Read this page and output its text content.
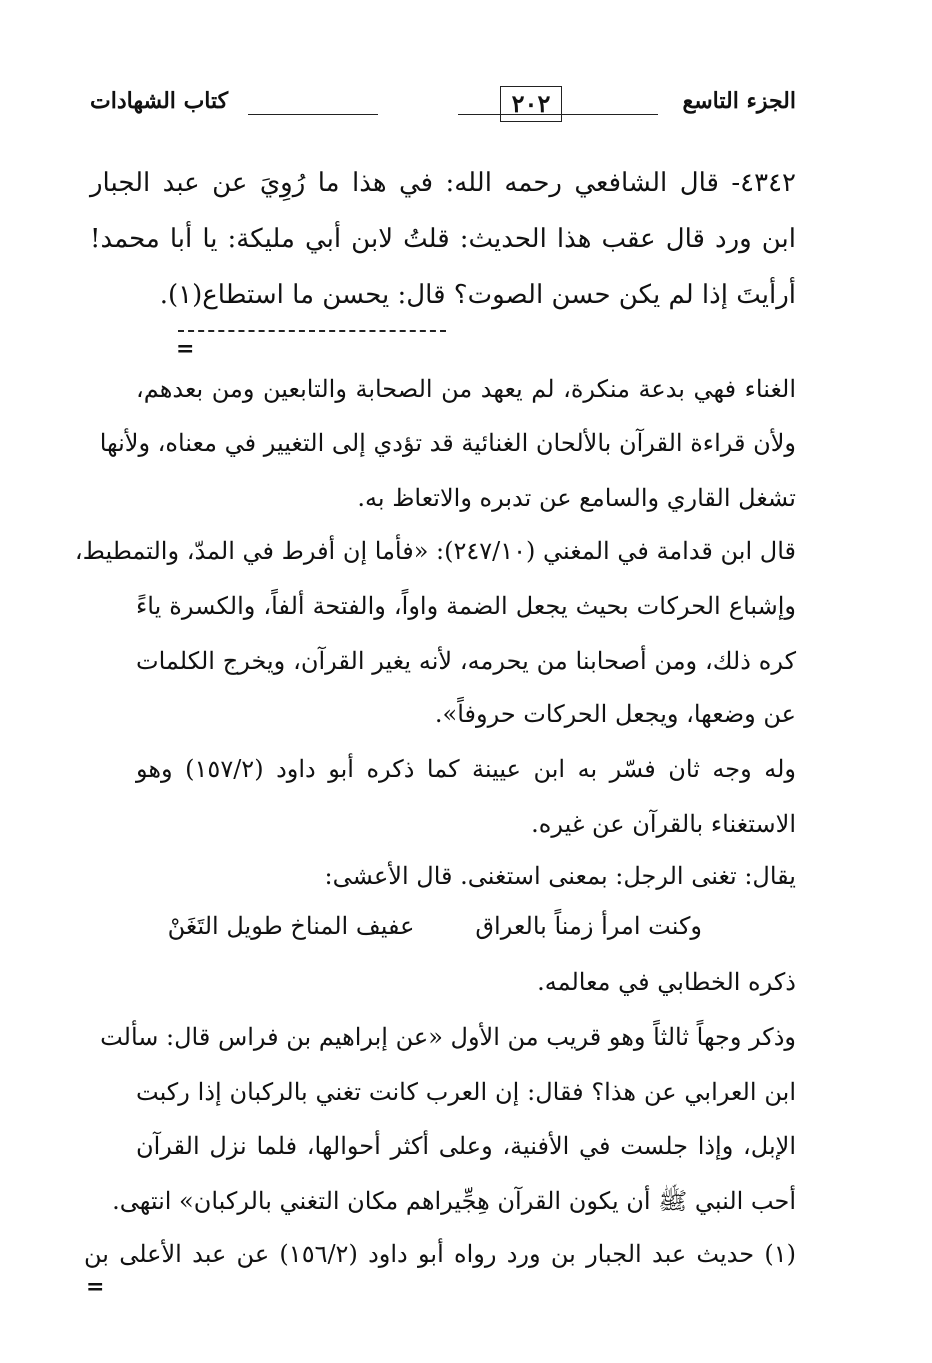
الجزء التاسع
٢٠٢
كتاب الشهادات
٤٣٤٢- قال الشافعي رحمه الله: في هذا ما رُوِيَ عن عبد الجبار
ابن ورد قال عقب هذا الحديث: قلتُ لابن أبي مليكة: يا أبا محمد!
أرأيتَ إذا لم يكن حسن الصوت؟ قال: يحسن ما استطاع(١).
=
الغناء فهي بدعة منكرة، لم يعهد من الصحابة والتابعين ومن بعدهم،
ولأن قراءة القرآن بالألحان الغنائية قد تؤدي إلى التغيير في معناه، ولأنها
تشغل القاري والسامع عن تدبره والاتعاظ به.
قال ابن قدامة في المغني (٢٤٧/١٠): «فأما إن أفرط في المدّ، والتمطيط،
وإشباع الحركات بحيث يجعل الضمة واواً، والفتحة ألفاً، والكسرة ياءً
كره ذلك، ومن أصحابنا من يحرمه، لأنه يغير القرآن، ويخرج الكلمات
عن وضعها، ويجعل الحركات حروفاً».
وله وجه ثان فسّر به ابن عيينة كما ذكره أبو داود (١٥٧/٢) وهو
الاستغناء بالقرآن عن غيره.
يقال: تغنى الرجل: بمعنى استغنى. قال الأعشى:
وكنت امرأ زمناً بالعراق        عفيف المناخ طويل التَغَنْ
ذكره الخطابي في معالمه.
وذكر وجهاً ثالثاً وهو قريب من الأول «عن إبراهيم بن فراس قال: سألت
ابن العرابي عن هذا؟ فقال: إن العرب كانت تغني بالركبان إذا ركبت
الإبل، وإذا جلست في الأفنية، وعلى أكثر أحوالها، فلما نزل القرآن
أحب النبي ﷺ أن يكون القرآن هِجِّيراهم مكان التغني بالركبان» انتهى.
(١) حديث عبد الجبار بن ورد رواه أبو داود (١٥٦/٢) عن عبد الأعلى بن
=
